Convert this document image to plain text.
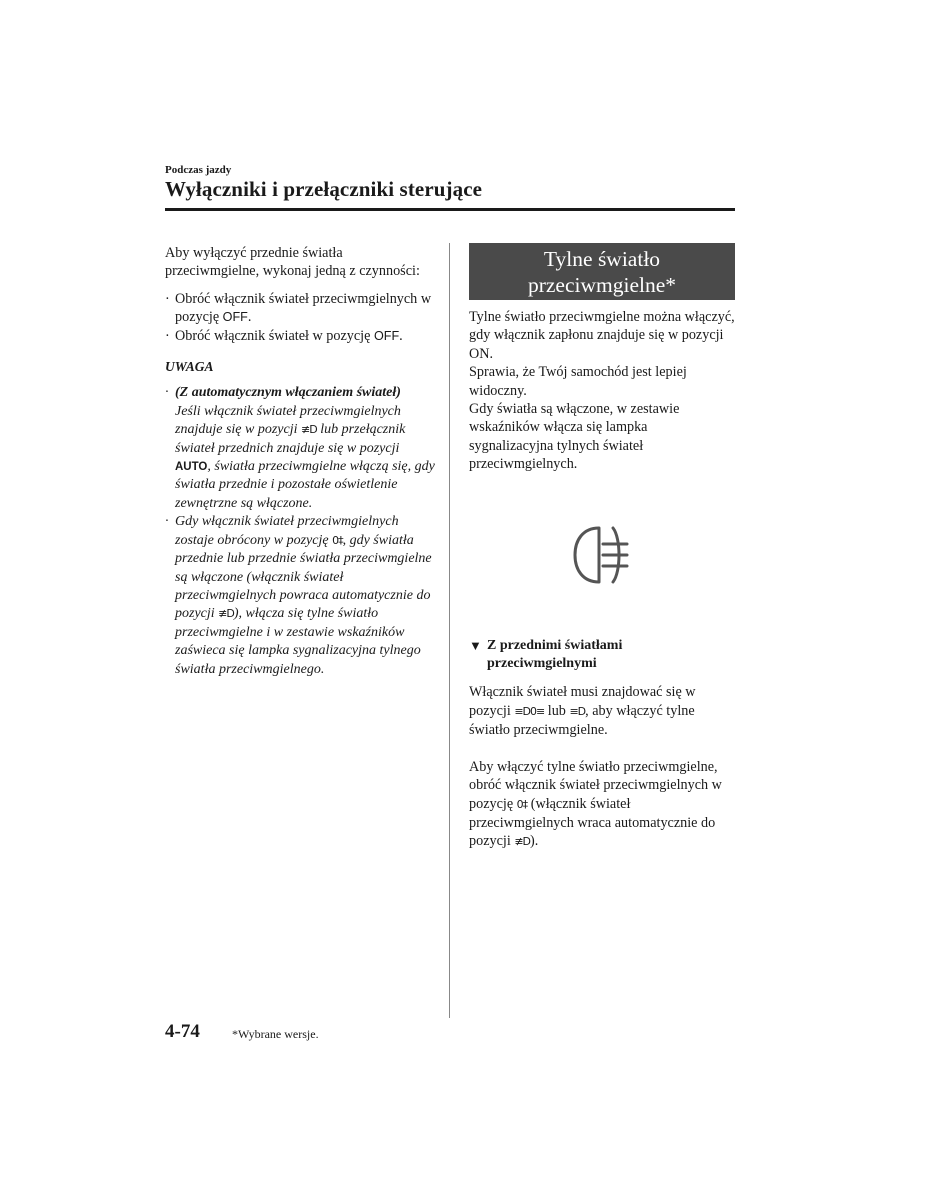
Podczas jazdy
Wyłączniki i przełączniki sterujące

Aby wyłączyć przednie światła przeciwmgielne, wykonaj jedną z czynności:

· Obróć włącznik świateł przeciwmgielnych w pozycję OFF.
· Obróć włącznik świateł w pozycję OFF.
UWAGA
· (Z automatycznym włączaniem świateł)
Jeśli włącznik świateł przeciwmgielnych znajduje się w pozycji ≢D lub przełącznik świateł przednich znajduje się w pozycji AUTO, światła przeciwmgielne włączą się, gdy światła przednie i pozostałe oświetlenie zewnętrzne są włączone.
· Gdy włącznik świateł przeciwmgielnych zostaje obrócony w pozycję 0‡, gdy światła przednie lub przednie światła przeciwmgielne są włączone (włącznik świateł przeciwmgielnych powraca automatycznie do pozycji ≢D), włącza się tylne światło przeciwmgielne i w zestawie wskaźników zaświeca się lampka sygnalizacyjna tylnego światła przeciwmgielnego.
Tylne światło
przeciwmgielne*

Tylne światło przeciwmgielne można włączyć, gdy włącznik zapłonu znajduje się w pozycji ON.

Sprawia, że Twój samochód jest lepiej widoczny.

Gdy światła są włączone, w zestawie wskaźników włącza się lampka sygnalizacyjna tylnych świateł przeciwmgielnych.

▼ Z przednimi światłami przeciwmgielnymi

Włącznik świateł musi znajdować się w pozycji ≡D0≡ lub ≡D, aby włączyć tylne światło przeciwmgielne.

Aby włączyć tylne światło przeciwmgielne, obróć włącznik świateł przeciwmgielnych w pozycję 0‡ (włącznik świateł przeciwmgielnych wraca automatycznie do pozycji ≢D).

4-74	*Wybrane wersje.
